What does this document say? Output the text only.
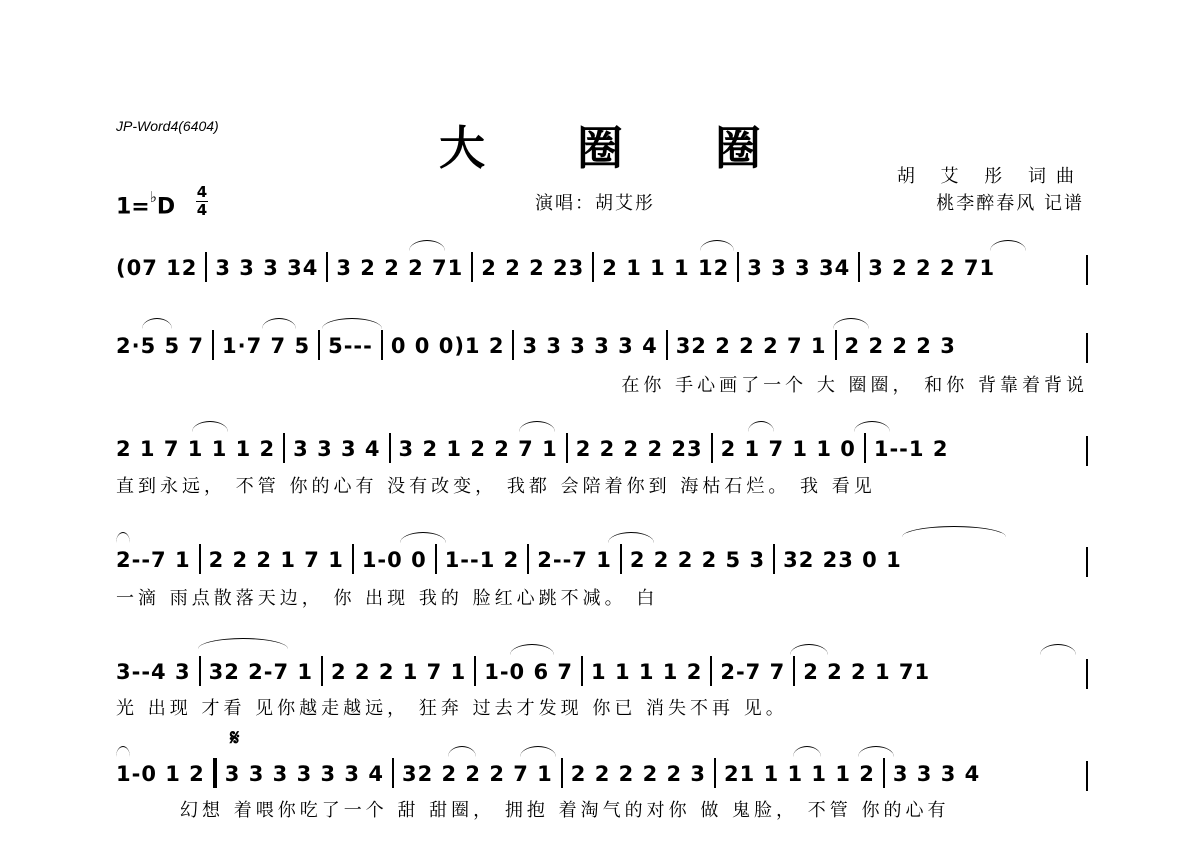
JP-Word4(6404)	大 圈 圈
胡 艾 彤 词曲
桃李醉春风 记谱
演唱：胡艾彤
1=♭D
4
4
(07 12 3 3 3 34 3 2 2 2 71 2 2 2 23 2 1 1 1 12 3 3 3 34 3 2 2 2 71
2·5 5 7 1·7 7 5 5--- 0 0 0)1 2 3 3 3 3 3 4 32 2 2 2 7 1 2 2 2 2 3
在你 手心画了一个 大 圈圈， 和你 背靠着背说
2 1 7 1 1 1 2 3 3 3 4 3 2 1 2 2 7 1 2 2 2 2 23 2 1 7 1 1 0 1--1 2
直到永远， 不管 你的心有 没有改变， 我都 会陪着你到 海枯石烂。 我 看见
2--7 1 2 2 2 1 7 1 1-0 0 1--1 2 2--7 1 2 2 2 2 5 3 32 23 0 1
一滴 雨点散落天边， 你 出现 我的 脸红心跳不减。 白
3--4 3 32 2-7 1 2 2 2 1 7 1 1-0 6 7 1 1 1 1 2 2-7 7 2 2 2 1 71
光 出现 才看 见你越走越远， 狂奔 过去才发现 你已 消失不再 见。
𝄋
1-0 1 2 3 3 3 3 3 3 4 32 2 2 2 7 1 2 2 2 2 2 3 21 1 1 1 1 2 3 3 3 4
幻想 着喂你吃了一个 甜 甜圈， 拥抱 着淘气的对你 做 鬼脸， 不管 你的心有
